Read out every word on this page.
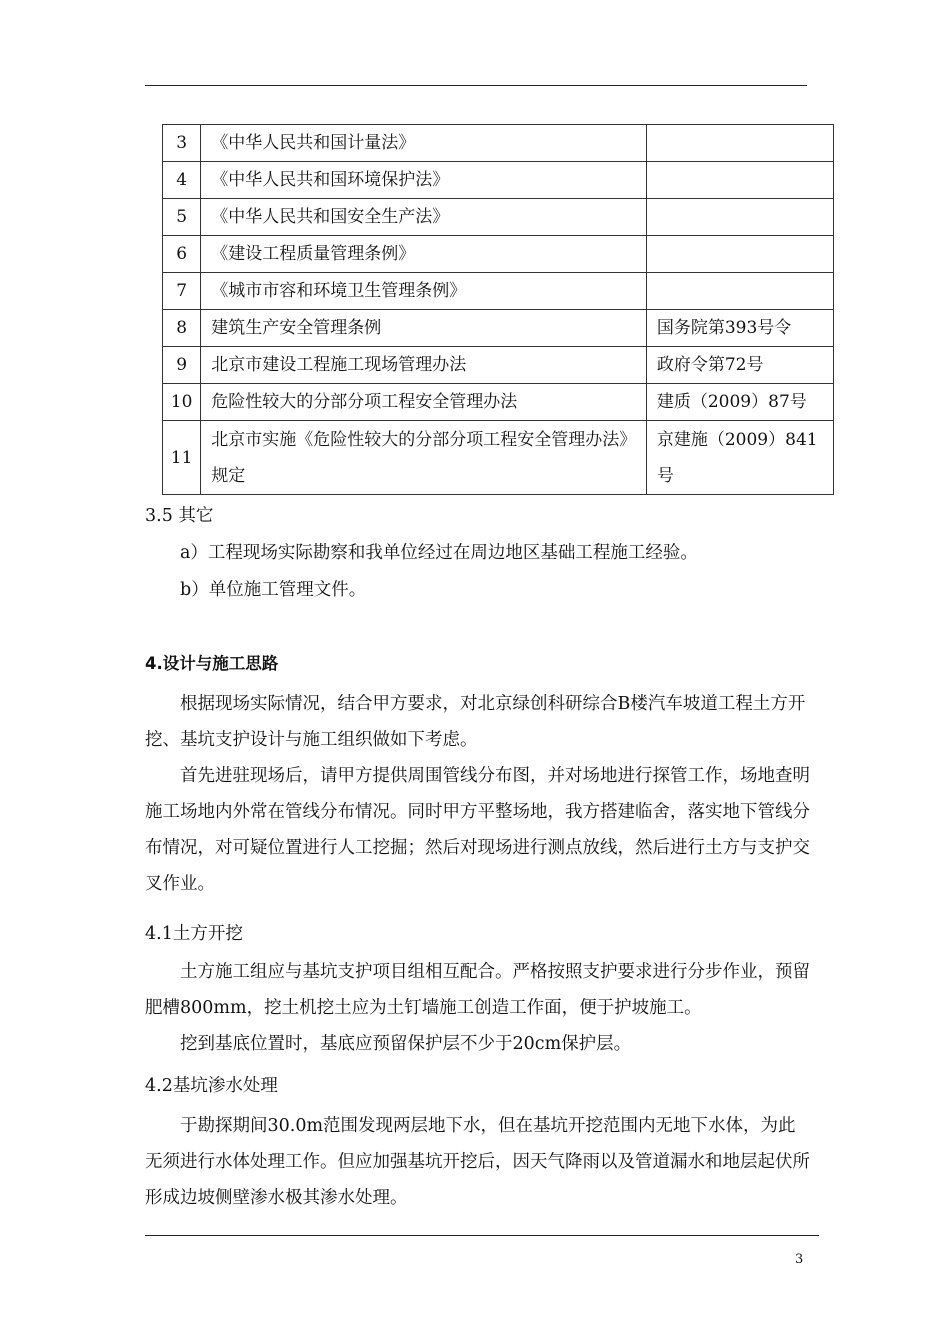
3	《中华人民共和国计量法》	
4	《中华人民共和国环境保护法》	
5	《中华人民共和国安全生产法》	
6	《建设工程质量管理条例》	
7	《城市市容和环境卫生管理条例》	
8	建筑生产安全管理条例	国务院第393号令
9	北京市建设工程施工现场管理办法	政府令第72号
10	危险性较大的分部分项工程安全管理办法	建质（2009）87号
11	北京市实施《危险性较大的分部分项工程安全管理办法》规定	京建施（2009）841号
3.5 其它
a）工程现场实际勘察和我单位经过在周边地区基础工程施工经验。
b）单位施工管理文件。
4.设计与施工思路
根据现场实际情况，结合甲方要求，对北京绿创科研综合B楼汽车坡道工程土方开挖、基坑支护设计与施工组织做如下考虑。
首先进驻现场后，请甲方提供周围管线分布图，并对场地进行探管工作，场地查明施工场地内外常在管线分布情况。同时甲方平整场地，我方搭建临舍，落实地下管线分布情况，对可疑位置进行人工挖掘；然后对现场进行测点放线，然后进行土方与支护交叉作业。
4.1土方开挖
土方施工组应与基坑支护项目组相互配合。严格按照支护要求进行分步作业，预留肥槽800mm，挖土机挖土应为土钉墙施工创造工作面，便于护坡施工。
挖到基底位置时，基底应预留保护层不少于20cm保护层。
4.2基坑渗水处理
于勘探期间30.0m范围发现两层地下水，但在基坑开挖范围内无地下水体，为此无须进行水体处理工作。但应加强基坑开挖后，因天气降雨以及管道漏水和地层起伏所形成边坡侧壁渗水极其渗水处理。
3
